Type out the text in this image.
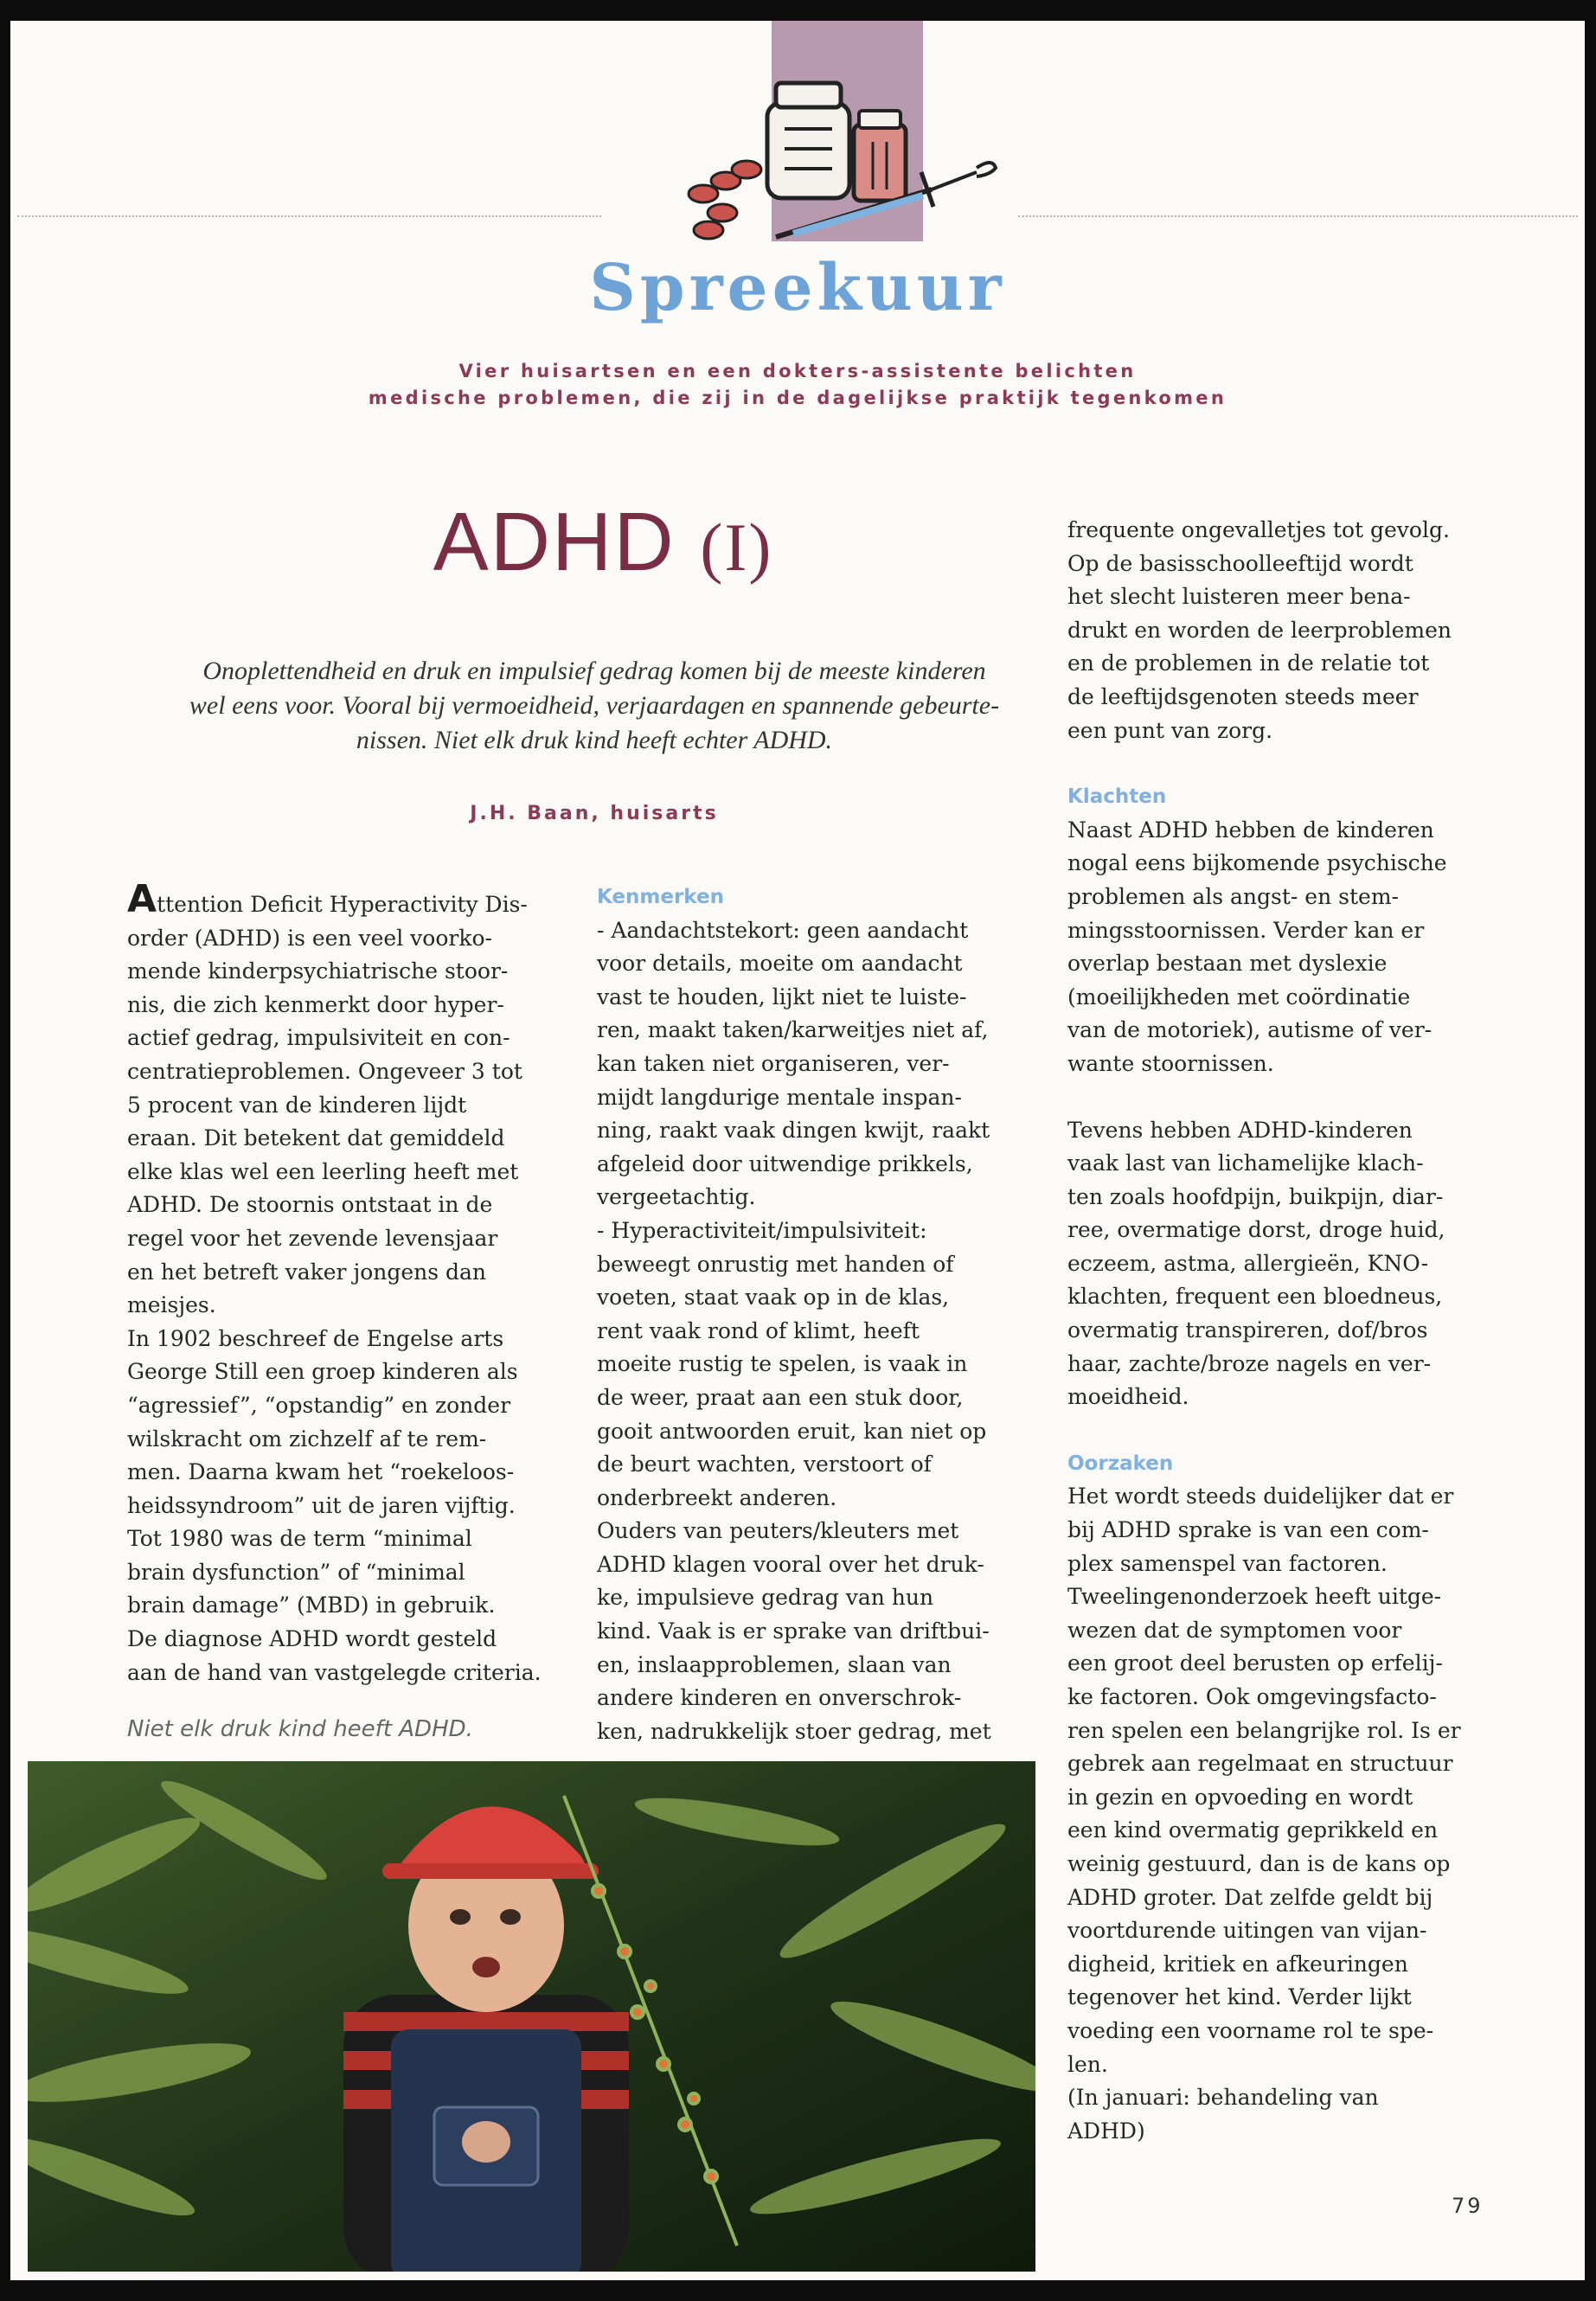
Spreekuur
Vier huisartsen en een dokters-assistente belichten
medische problemen, die zij in de dagelijkse praktijk tegenkomen
ADHD (I)
Onoplettendheid en druk en impulsief gedrag komen bij de meeste kinderen
wel eens voor. Vooral bij vermoeidheid, verjaardagen en spannende gebeurte-
nissen. Niet elk druk kind heeft echter ADHD.
J.H. Baan, huisarts

Attention Deficit Hyperactivity Dis-
order (ADHD) is een veel voorko-
mende kinderpsychiatrische stoor-
nis, die zich kenmerkt door hyper-
actief gedrag, impulsiviteit en con-
centratieproblemen. Ongeveer 3 tot
5 procent van de kinderen lijdt
eraan. Dit betekent dat gemiddeld
elke klas wel een leerling heeft met
ADHD. De stoornis ontstaat in de
regel voor het zevende levensjaar
en het betreft vaker jongens dan
meisjes.

In 1902 beschreef de Engelse arts
George Still een groep kinderen als
“agressief”, “opstandig” en zonder
wilskracht om zichzelf af te rem-
men. Daarna kwam het “roekeloos-
heidssyndroom” uit de jaren vijftig.
Tot 1980 was de term “minimal
brain dysfunction” of “minimal
brain damage” (MBD) in gebruik.
De diagnose ADHD wordt gesteld
aan de hand van vastgelegde criteria.

Niet elk druk kind heeft ADHD.
Kenmerken

- Aandachtstekort: geen aandacht
voor details, moeite om aandacht
vast te houden, lijkt niet te luiste-
ren, maakt taken/karweitjes niet af,
kan taken niet organiseren, ver-
mijdt langdurige mentale inspan-
ning, raakt vaak dingen kwijt, raakt
afgeleid door uitwendige prikkels,
vergeetachtig.
- Hyperactiviteit/impulsiviteit:
beweegt onrustig met handen of
voeten, staat vaak op in de klas,
rent vaak rond of klimt, heeft
moeite rustig te spelen, is vaak in
de weer, praat aan een stuk door,
gooit antwoorden eruit, kan niet op
de beurt wachten, verstoort of
onderbreekt anderen.
Ouders van peuters/kleuters met
ADHD klagen vooral over het druk-
ke, impulsieve gedrag van hun
kind. Vaak is er sprake van driftbui-
en, inslaapproblemen, slaan van
andere kinderen en onverschrok-
ken, nadrukkelijk stoer gedrag, met

frequente ongevalletjes tot gevolg.
Op de basisschoolleeftijd wordt
het slecht luisteren meer bena-
drukt en worden de leerproblemen
en de problemen in de relatie tot
de leeftijdsgenoten steeds meer
een punt van zorg.

Klachten

Naast ADHD hebben de kinderen
nogal eens bijkomende psychische
problemen als angst- en stem-
mingsstoornissen. Verder kan er
overlap bestaan met dyslexie
(moeilijkheden met coördinatie
van de motoriek), autisme of ver-
wante stoornissen.

Tevens hebben ADHD-kinderen
vaak last van lichamelijke klach-
ten zoals hoofdpijn, buikpijn, diar-
ree, overmatige dorst, droge huid,
eczeem, astma, allergieën, KNO-
klachten, frequent een bloedneus,
overmatig transpireren, dof/bros
haar, zachte/broze nagels en ver-
moeidheid.

Oorzaken

Het wordt steeds duidelijker dat er
bij ADHD sprake is van een com-
plex samenspel van factoren.
Tweelingenonderzoek heeft uitge-
wezen dat de symptomen voor
een groot deel berusten op erfelij-
ke factoren. Ook omgevingsfacto-
ren spelen een belangrijke rol. Is er
gebrek aan regelmaat en structuur
in gezin en opvoeding en wordt
een kind overmatig geprikkeld en
weinig gestuurd, dan is de kans op
ADHD groter. Dat zelfde geldt bij
voortdurende uitingen van vijan-
digheid, kritiek en afkeuringen
tegenover het kind. Verder lijkt
voeding een voorname rol te spe-
len.

(In januari: behandeling van
ADHD)

79
